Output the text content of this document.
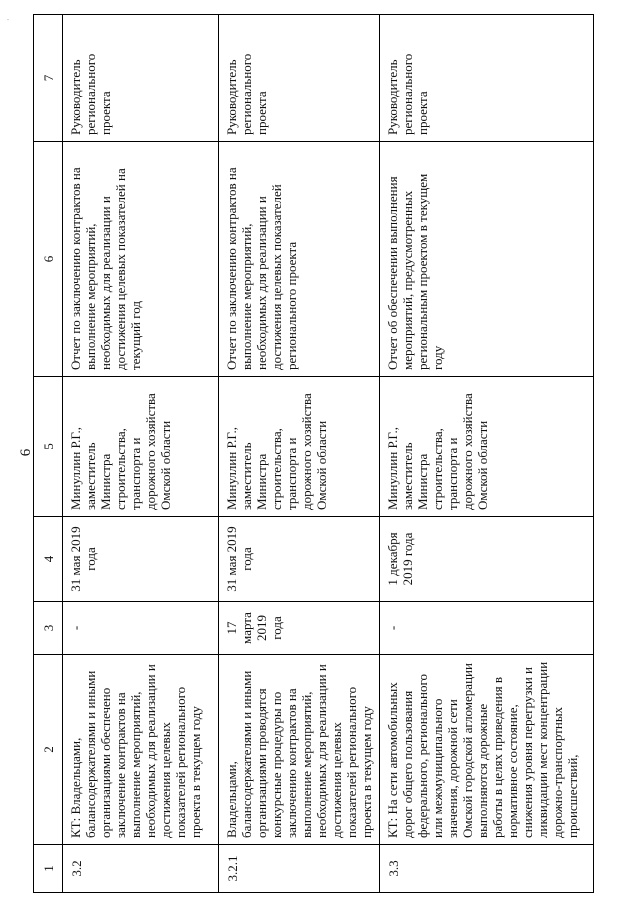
6
·
1	2	3	4	5	6	7
3.2	КТ: Владельцами, балансодержателями и иными организациями обеспечено заключение контрактов на выполнение мероприятий, необходимых для реализации и достижения целевых показателей регионального проекта в текущем году	-	31 мая 2019 года	Минуллин Р.Г., заместитель Министра строительства, транспорта и дорожного хозяйства Омской области	Отчет по заключению контрактов на выполнение мероприятий, необходимых для реализации и достижения целевых показателей на текущий год	Руководитель регионального проекта
3.2.1	Владельцами, балансодержателями и иными организациями проводятся конкурсные процедуры по заключению контрактов на выполнение мероприятий, необходимых для реализации и достижения целевых показателей регионального проекта в текущем году	17 марта 2019 года	31 мая 2019 года	Минуллин Р.Г., заместитель Министра строительства, транспорта и дорожного хозяйства Омской области	Отчет по заключению контрактов на выполнение мероприятий, необходимых для реализации и достижения целевых показателей регионального проекта	Руководитель регионального проекта
3.3	КТ: На сети автомобильных дорог общего пользования федерального, регионального или межмуниципального значения, дорожной сети Омской городской агломерации выполняются дорожные работы в целях приведения в нормативное состояние, снижения уровня перегрузки и ликвидации мест концентрации дорожно-транспортных происшествий,	-	1 декабря 2019 года	Минуллин Р.Г., заместитель Министра строительства, транспорта и дорожного хозяйства Омской области	Отчет об обеспечении выполнения мероприятий, предусмотренных региональным проектом в текущем году	Руководитель регионального проекта
